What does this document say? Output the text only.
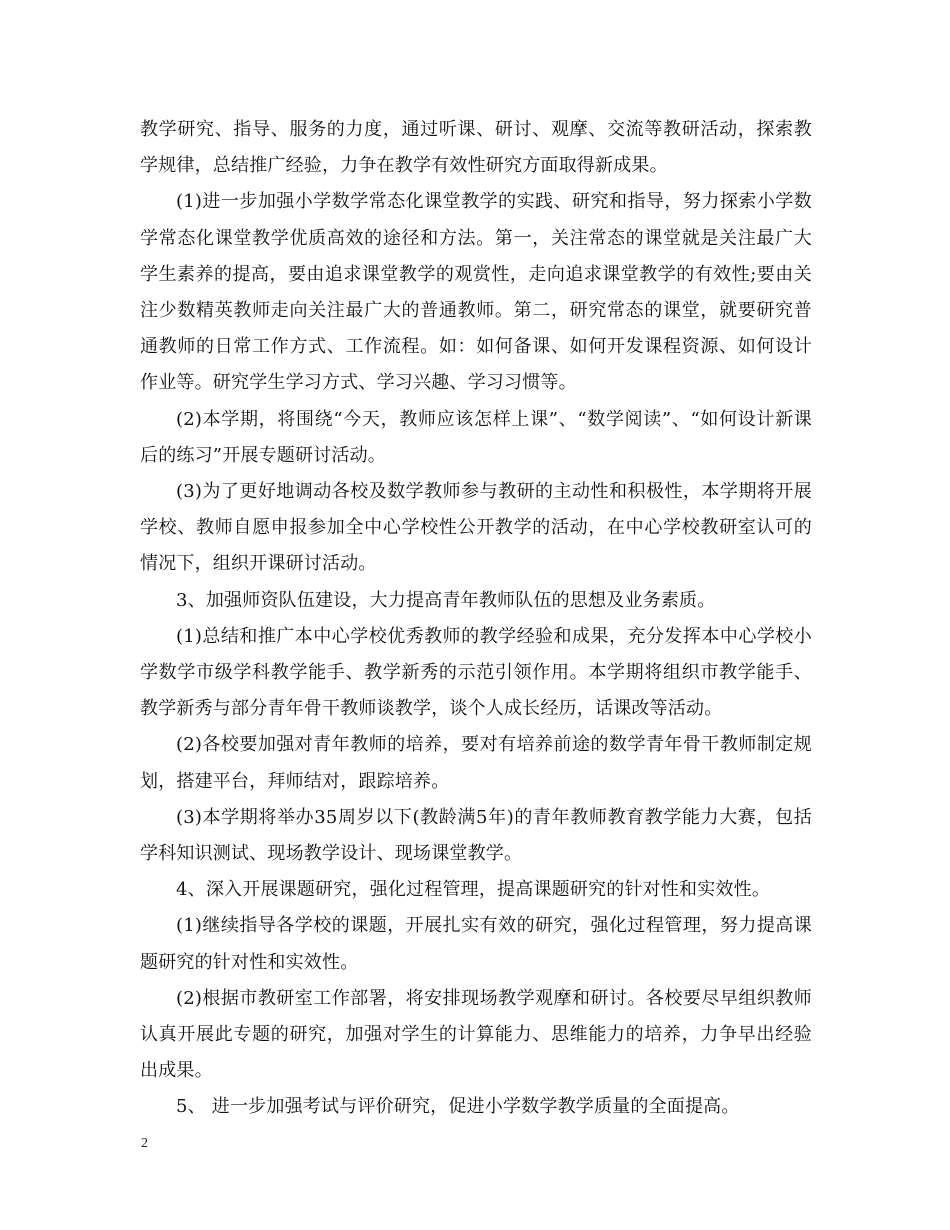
教学研究、指导、服务的力度，通过听课、研讨、观摩、交流等教研活动，探索教学规律，总结推广经验，力争在教学有效性研究方面取得新成果。

(1)进一步加强小学数学常态化课堂教学的实践、研究和指导，努力探索小学数学常态化课堂教学优质高效的途径和方法。第一，关注常态的课堂就是关注最广大学生素养的提高，要由追求课堂教学的观赏性，走向追求课堂教学的有效性;要由关注少数精英教师走向关注最广大的普通教师。第二，研究常态的课堂，就要研究普通教师的日常工作方式、工作流程。如：如何备课、如何开发课程资源、如何设计作业等。研究学生学习方式、学习兴趣、学习习惯等。

(2)本学期，将围绕“今天，教师应该怎样上课”、“数学阅读”、“如何设计新课后的练习”开展专题研讨活动。

(3)为了更好地调动各校及数学教师参与教研的主动性和积极性，本学期将开展学校、教师自愿申报参加全中心学校性公开教学的活动，在中心学校教研室认可的情况下，组织开课研讨活动。

3、加强师资队伍建设，大力提高青年教师队伍的思想及业务素质。

(1)总结和推广本中心学校优秀教师的教学经验和成果，充分发挥本中心学校小学数学市级学科教学能手、教学新秀的示范引领作用。本学期将组织市教学能手、教学新秀与部分青年骨干教师谈教学，谈个人成长经历，话课改等活动。

(2)各校要加强对青年教师的培养，要对有培养前途的数学青年骨干教师制定规划，搭建平台，拜师结对，跟踪培养。

(3)本学期将举办35周岁以下(教龄满5年)的青年教师教育教学能力大赛，包括学科知识测试、现场教学设计、现场课堂教学。

4、深入开展课题研究，强化过程管理，提高课题研究的针对性和实效性。

(1)继续指导各学校的课题，开展扎实有效的研究，强化过程管理，努力提高课题研究的针对性和实效性。

(2)根据市教研室工作部署，将安排现场教学观摩和研讨。各校要尽早组织教师认真开展此专题的研究，加强对学生的计算能力、思维能力的培养，力争早出经验出成果。

5、 进一步加强考试与评价研究，促进小学数学教学质量的全面提高。

2
